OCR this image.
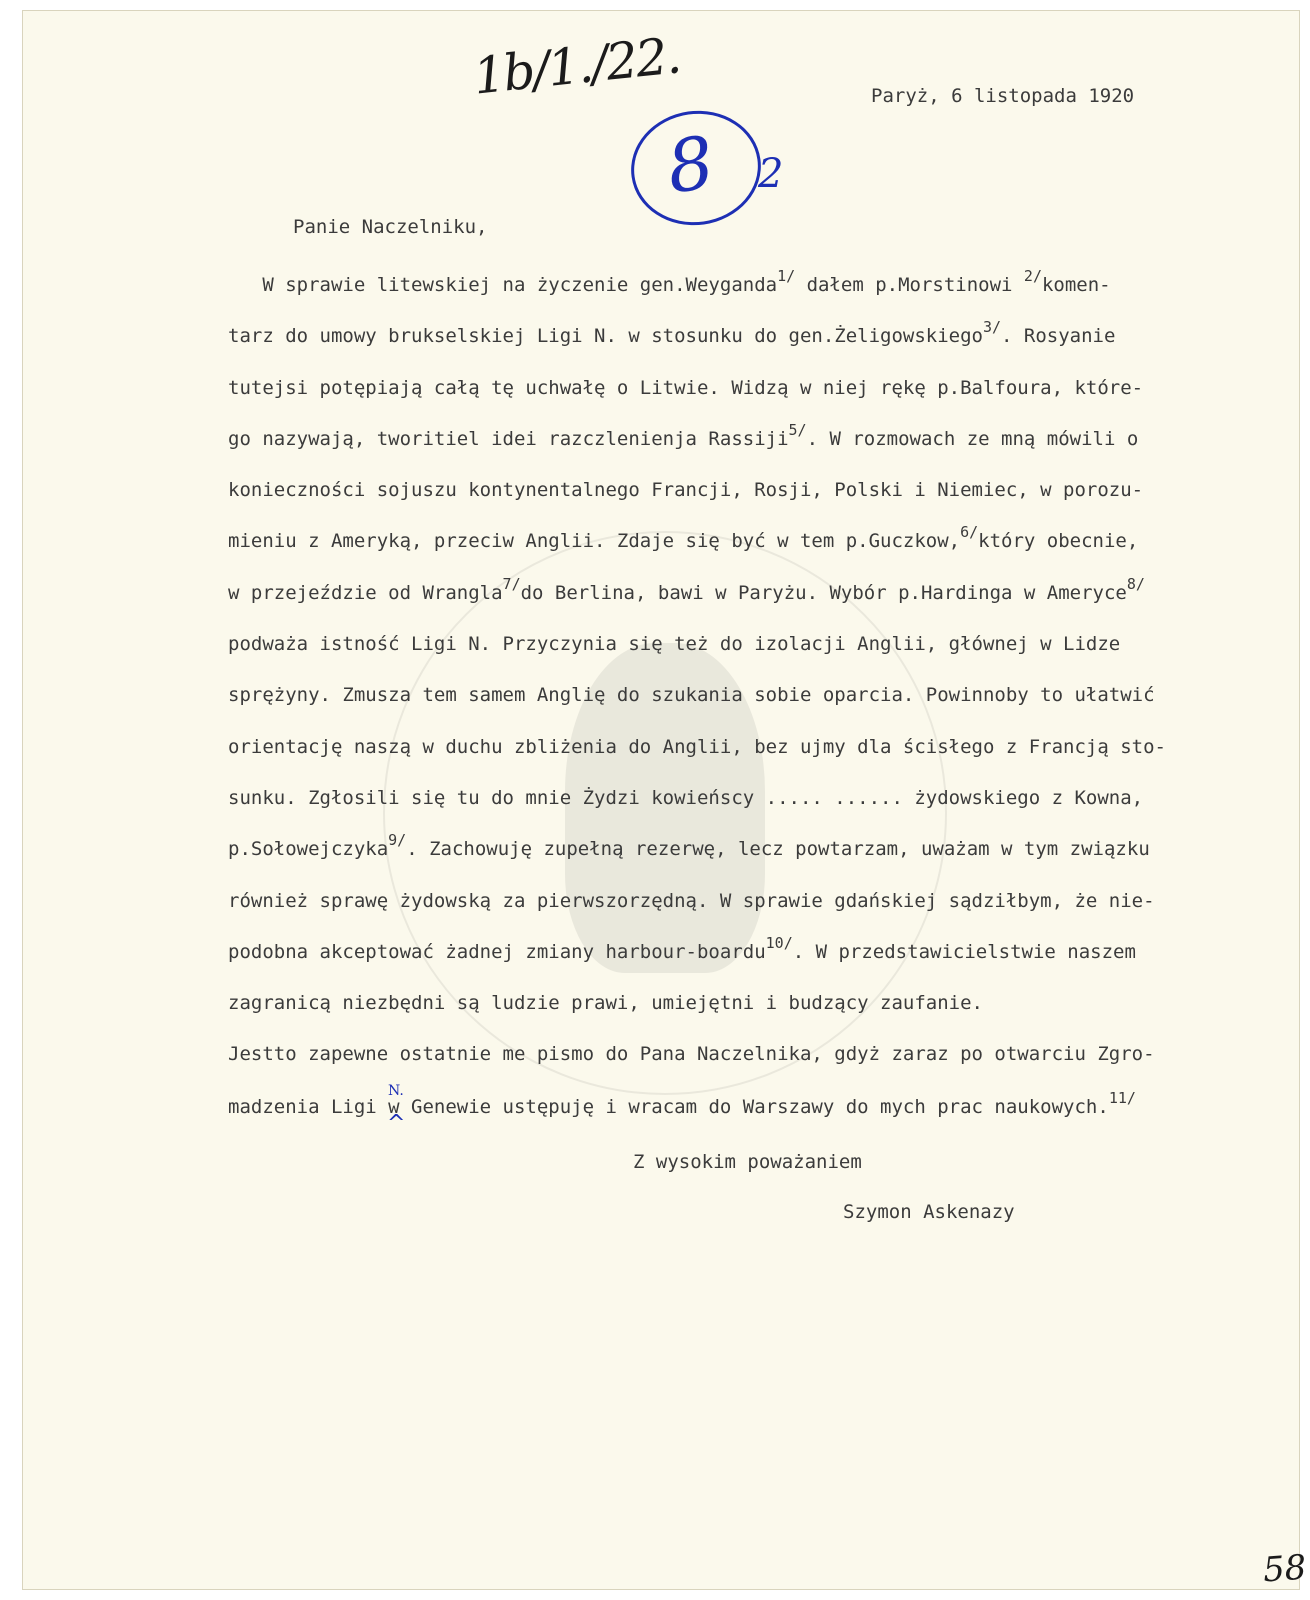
1b/1./22.	Paryż, 6 listopada 1920
8 2
Panie Naczelniku,
W sprawie litewskiej na życzenie gen.Weyganda$^{1/}$ dałem p.Morstinowi $^{2/}$komen-
tarz do umowy brukselskiej Ligi N. w stosunku do gen.Żeligowskiego$^{3/}$. Rosyanie
tutejsi potępiają całą tę uchwałę o Litwie. Widzą w niej rękę p.Balfoura, które-
go nazywają, tworitiel idei razczlenienja Rassiji$^{5/}$. W rozmowach ze mną mówili o
konieczności sojuszu kontynentalnego Francji, Rosji, Polski i Niemiec, w porozu-
mieniu z Ameryką, przeciw Anglii. Zdaje się być w tem p.Guczkow,$^{6/}$który obecnie,
w przejeździe od Wrangla$^{7/}$do Berlina, bawi w Paryżu. Wybór p.Hardinga w Ameryce$^{8/}$
podważa istność Ligi N. Przyczynia się też do izolacji Anglii, głównej w Lidze
sprężyny. Zmusza tem samem Anglię do szukania sobie oparcia. Powinnoby to ułatwić
orientację naszą w duchu zbliżenia do Anglii, bez ujmy dla ścisłego z Francją sto-
sunku. Zgłosili się tu do mnie Żydzi kowieńscy ..... ...... żydowskiego z Kowna,
p.Sołowejczyka$^{9/}$. Zachowuję zupełną rezerwę, lecz powtarzam, uważam w tym związku
również sprawę żydowską za pierwszorzędną. W sprawie gdańskiej sądziłbym, że nie-
podobna akceptować żadnej zmiany harbour-boardu$^{10/}$. W przedstawicielstwie naszem
zagranicą niezbędni są ludzie prawi, umiejętni i budzący zaufanie.
Jestto zapewne ostatnie me pismo do Pana Naczelnika, gdyż zaraz po otwarciu Zgro-
madzenia Ligi w Genewie ustępuję i wracam do Warszawy do mych prac naukowych.$^{11/}$
N.
^
Z wysokim poważaniem
Szymon Askenazy
58
